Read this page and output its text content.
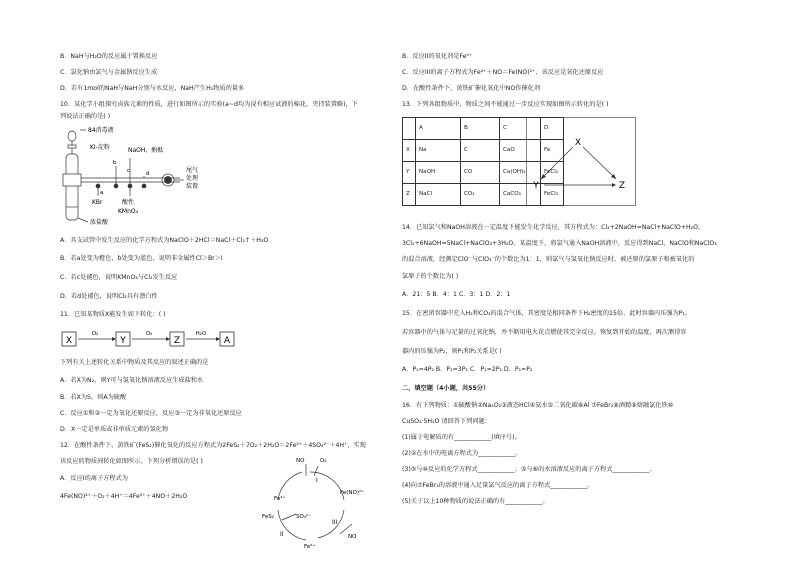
B．NaH与H₂O的反应属于置换反应
C．氯化钠由氯气与金属钠反应生成
D．若有1mol的NaH与NaH分别与水反应，NaH产生H₂物质的量多
10．某化学小组探究卤族元素的性质，进行如图所示的实验(a~d均为浸有相应试液的棉花，夹持装置略)，下
列说法正确的是( )
84消毒液
KI-淀粉	NaOH、酚酞
b
c	d
a
尾气
处理
装置
KBr	酸性
KMnO₄
浓盐酸
A．具支试管中发生反应的化学方程式为NaClO＋2HCl＝NaCl＋Cl₂↑＋H₂O
B．若a处变为橙色，b处变为蓝色，说明非金属性Cl＞Br＞I
C．若c处褪色，说明KMnO₄与Cl₂发生反应
D．若d处褪色，说明Cl₂具有漂白性
11．已知某物质X能发生如下转化：( )
X	Y	Z	A
O₂	O₂	H₂O
下列有关上述转化关系中物质及其反应的叙述正确的是
A．若X为N₂，则Y可与氢氧化钠溶液反应生成盐和水
B．若X为S，则A为硫酸
C．反应①和②一定为氧化还原反应，反应③一定为非氧化还原反应
D．X一定是单质或非单质元素的氢化物
12．在酸性条件下，黄铁矿(FeS₂)催化氧化的反应方程式为2FeS₂＋7O₂＋2H₂O＝2Fe²⁺＋4SO₄²⁻＋4H⁺，实现
该反应的物质间转化如图所示。下列分析错误的是( )
A．反应I的离子方程式为
4Fe(NO)²⁺＋O₂＋4H⁺＝4Fe³⁺＋4NO＋2H₂O
NO	O₂
I
Fe³⁺
Fe(NO)²⁺
FeS₂	SO₄²⁻
II
III
Fe²⁺
NO
B．反应II的氧化剂是Fe³⁺
C．反应III的离子方程式为Fe²⁺＋NO＝Fe(NO)²⁺，该反应是氧化还原反应
D．在酸性条件下，黄铁矿催化氧化中NO作催化剂
13．下列各组物质中，物质之间不能通过一步反应实现如图所示转化的是( )
	A	B	C	D
X	Na	C	CaO	Fe
Y	NaOH	CO	Ca(OH)₂	FeCl₂
Z	NaCl	CO₂	CaCO₃	FeCl₃
X
Y	Z
14．已知氯气和NaOH溶液在一定温度下能发生化学反应，其方程式为：Cl₂+2NaOH=NaCl+NaClO+H₂O，
3Cl₂+6NaOH=5NaCl+NaClO₃+3H₂O。某温度下，将氯气通入NaOH溶液中，反应得到NaCl、NaClO和NaClO₃
的混合溶液，经测定ClO⁻与ClO₃⁻的个数比为1：1，则氯气与氢氧化钠反应时，被还原的氯原子和被氧化的
氯原子的个数比为( )
A．21：5 B．4：1 C．3：1 D．2：1
15．在密闭容器中充入H₂和CO₂的混合气体，其密度是相同条件下H₂密度的15倍，此时容器内压强为P₁，
若容器中的气体与足量的过氧化钠，并不断用电火花点燃使其完全反应，恢复到开始的温度，再次测得容
器内的压强为P₂，则P₁和P₂关系是( )
A．P₁=4P₂ B．P₁=3P₂ C．P₁=2P₂ D．P₁=P₂
二、填空题（4小题，共55分）
16．有下列物质：①硫酸钠②Na₂O₂③液态HCl④氨水⑤二氧化碳⑥Al ⑦FeBr₂⑧酒精⑨熔融氯化铁⑩
CuSO₄·5H₂O 请回答下列问题：
(1)属于电解质的有____________(填序号)。
(2)②在水中的电离方程式为____________。
(3)⑤与⑩反应的化学方程式____________；⑤与⑥的水溶液反应的离子方程式____________。
(4)向⑦FeBr₂的溶液中通入足量氯气反应的离子方程式____________。
(5)关于以上10种物质的说法正确的有____________。
